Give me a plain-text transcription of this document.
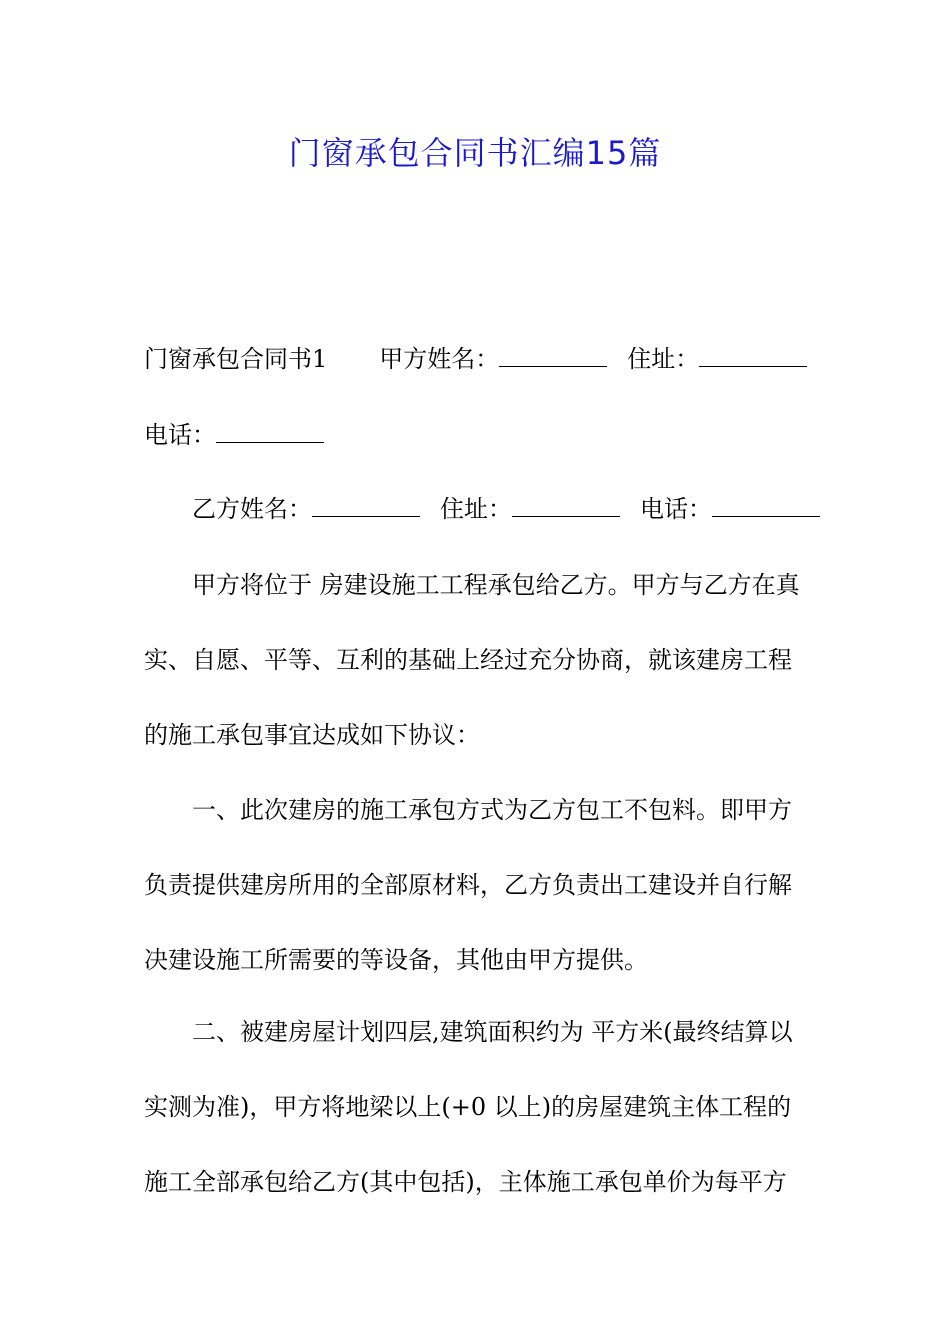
门窗承包合同书汇编15篇
门窗承包合同书1 甲方姓名：	住址：
电话：
乙方姓名：	住址：	电话：
甲方将位于 房建设施工工程承包给乙方。甲方与乙方在真
实、自愿、平等、互利的基础上经过充分协商，就该建房工程
的施工承包事宜达成如下协议：
一、此次建房的施工承包方式为乙方包工不包料。即甲方
负责提供建房所用的全部原材料，乙方负责出工建设并自行解
决建设施工所需要的等设备，其他由甲方提供。
二、被建房屋计划四层,建筑面积约为 平方米(最终结算以
实测为准)，甲方将地梁以上(+0 以上)的房屋建筑主体工程的
施工全部承包给乙方(其中包括)，主体施工承包单价为每平方
